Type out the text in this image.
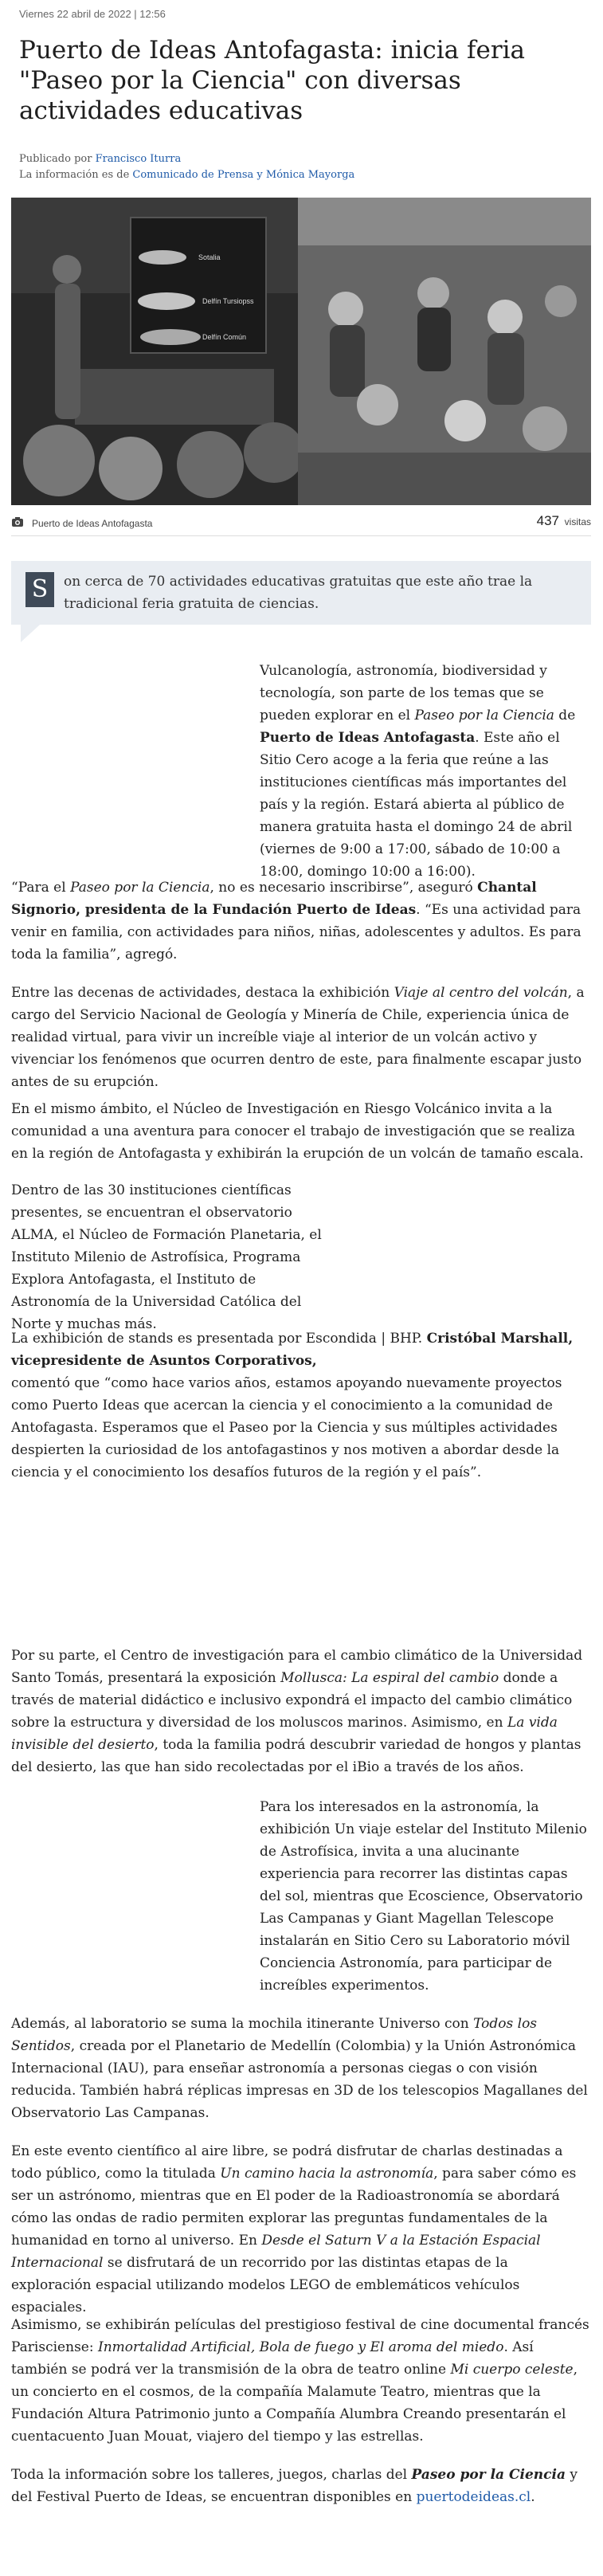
Viernes 22 abril de 2022 | 12:56
Puerto de Ideas Antofagasta: inicia feria "Paseo por la Ciencia" con diversas actividades educativas
Publicado por Francisco Iturra
La información es de Comunicado de Prensa y Mónica Mayorga
Sotalia
Delfín Tursiopss
Delfín Común
Puerto de Ideas Antofagasta	437 visitas
S	on cerca de 70 actividades educativas gratuitas que este año trae la tradicional feria gratuita de ciencias.

Vulcanología, astronomía, biodiversidad y tecnología, son parte de los temas que se pueden explorar en el Paseo por la Ciencia de Puerto de Ideas Antofagasta. Este año el Sitio Cero acoge a la feria que reúne a las instituciones científicas más importantes del país y la región. Estará abierta al público de manera gratuita hasta el domingo 24 de abril (viernes de 9:00 a 17:00, sábado de 10:00 a 18:00, domingo 10:00 a 16:00).

“Para el Paseo por la Ciencia, no es necesario inscribirse”, aseguró Chantal Signorio, presidenta de la Fundación Puerto de Ideas. “Es una actividad para venir en familia, con actividades para niños, niñas, adolescentes y adultos. Es para toda la familia”, agregó.

Entre las decenas de actividades, destaca la exhibición Viaje al centro del volcán, a cargo del Servicio Nacional de Geología y Minería de Chile, experiencia única de realidad virtual, para vivir un increíble viaje al interior de un volcán activo y vivenciar los fenómenos que ocurren dentro de este, para finalmente escapar justo antes de su erupción.

En el mismo ámbito, el Núcleo de Investigación en Riesgo Volcánico invita a la comunidad a una aventura para conocer el trabajo de investigación que se realiza en la región de Antofagasta y exhibirán la erupción de un volcán de tamaño escala.

Dentro de las 30 instituciones científicas presentes, se encuentran el observatorio ALMA, el Núcleo de Formación Planetaria, el Instituto Milenio de Astrofísica, Programa Explora Antofagasta, el Instituto de Astronomía de la Universidad Católica del Norte y muchas más.

La exhibición de stands es presentada por Escondida | BHP. Cristóbal Marshall, vicepresidente de Asuntos Corporativos,
comentó que “como hace varios años, estamos apoyando nuevamente proyectos como Puerto Ideas que acercan la ciencia y el conocimiento a la comunidad de Antofagasta. Esperamos que el Paseo por la Ciencia y sus múltiples actividades despierten la curiosidad de los antofagastinos y nos motiven a abordar desde la ciencia y el conocimiento los desafíos futuros de la región y el país”.

Por su parte, el Centro de investigación para el cambio climático de la Universidad Santo Tomás, presentará la exposición Mollusca: La espiral del cambio donde a través de material didáctico e inclusivo expondrá el impacto del cambio climático sobre la estructura y diversidad de los moluscos marinos. Asimismo, en La vida invisible del desierto, toda la familia podrá descubrir variedad de hongos y plantas del desierto, las que han sido recolectadas por el iBio a través de los años.

Para los interesados en la astronomía, la exhibición Un viaje estelar del Instituto Milenio de Astrofísica, invita a una alucinante experiencia para recorrer las distintas capas del sol, mientras que Ecoscience, Observatorio Las Campanas y Giant Magellan Telescope instalarán en Sitio Cero su Laboratorio móvil Conciencia Astronomía, para participar de increíbles experimentos.

Además, al laboratorio se suma la mochila itinerante Universo con Todos los Sentidos, creada por el Planetario de Medellín (Colombia) y la Unión Astronómica Internacional (IAU), para enseñar astronomía a personas ciegas o con visión reducida. También habrá réplicas impresas en 3D de los telescopios Magallanes del Observatorio Las Campanas.

En este evento científico al aire libre, se podrá disfrutar de charlas destinadas a todo público, como la titulada Un camino hacia la astronomía, para saber cómo es ser un astrónomo, mientras que en El poder de la Radioastronomía se abordará cómo las ondas de radio permiten explorar las preguntas fundamentales de la humanidad en torno al universo. En Desde el Saturn V a la Estación Espacial Internacional se disfrutará de un recorrido por las distintas etapas de la exploración espacial utilizando modelos LEGO de emblemáticos vehículos espaciales.

Asimismo, se exhibirán películas del prestigioso festival de cine documental francés Parisciense: Inmortalidad Artificial, Bola de fuego y El aroma del miedo. Así también se podrá ver la transmisión de la obra de teatro online Mi cuerpo celeste, un concierto en el cosmos, de la compañía Malamute Teatro, mientras que la Fundación Altura Patrimonio junto a Compañía Alumbra Creando presentarán el cuentacuento Juan Mouat, viajero del tiempo y las estrellas.

Toda la información sobre los talleres, juegos, charlas del Paseo por la Ciencia y del Festival Puerto de Ideas, se encuentran disponibles en puertodeideas.cl.
